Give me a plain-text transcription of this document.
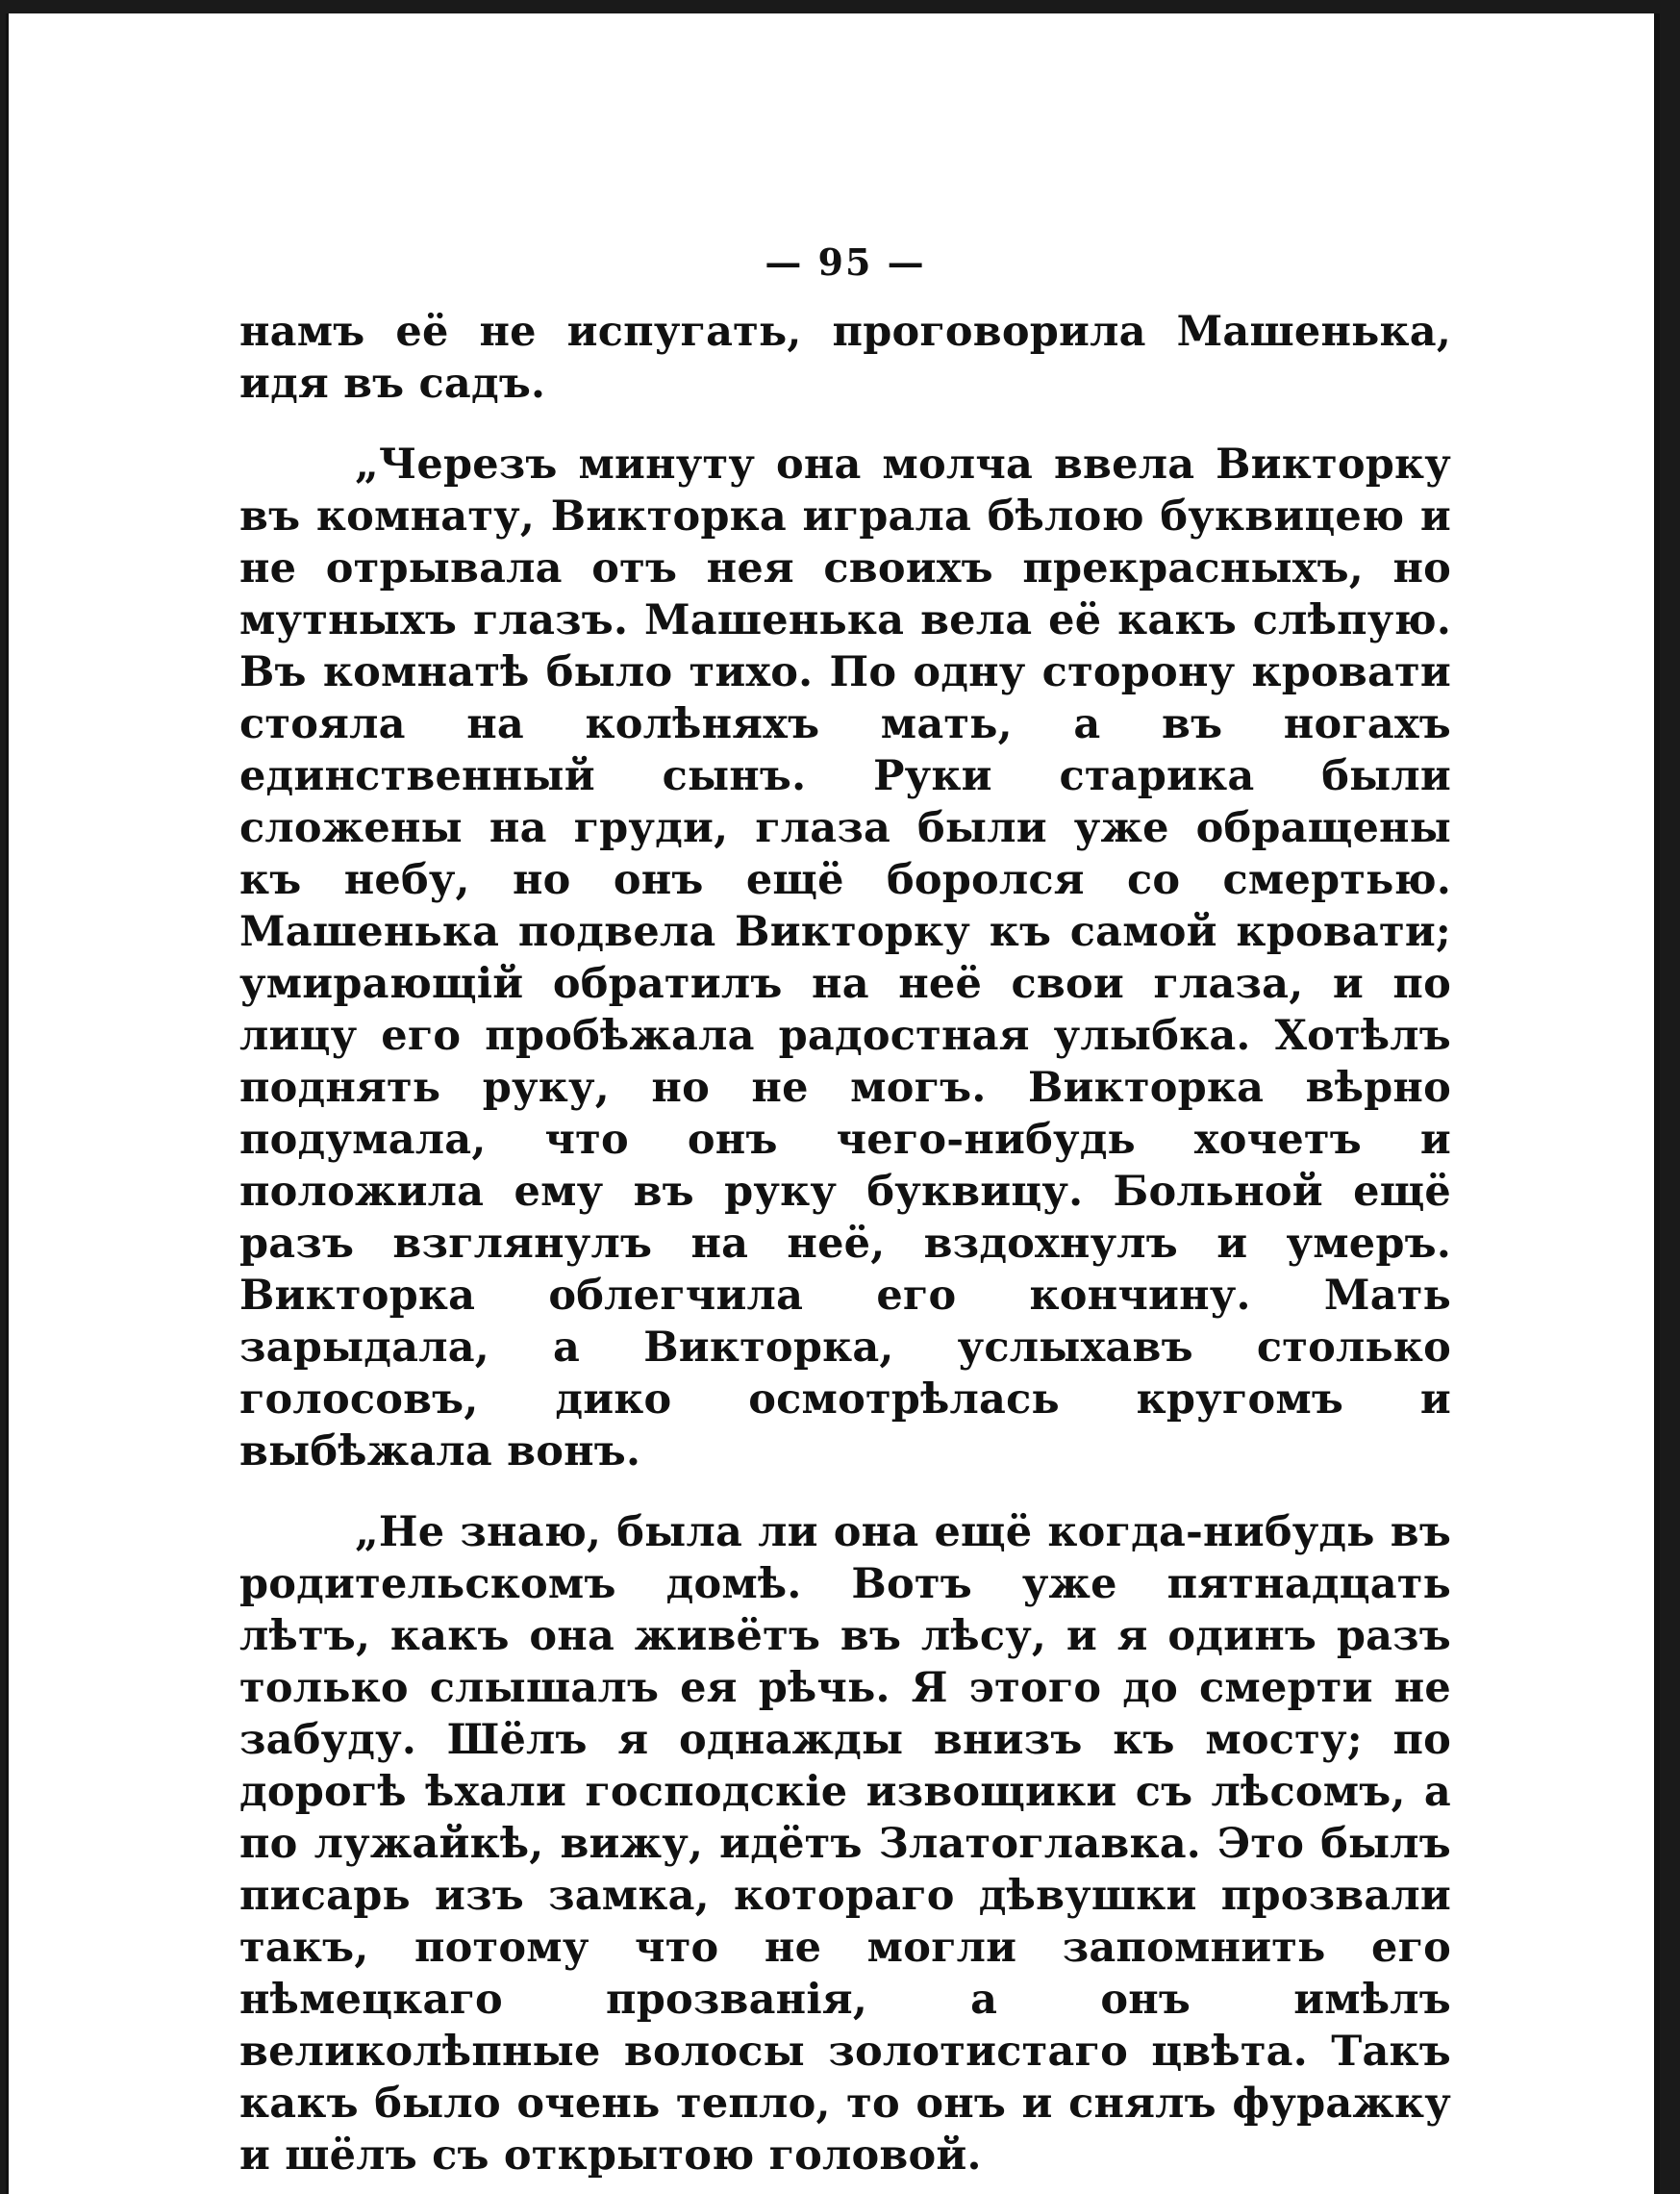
— 95 —

намъ её не испугать, проговорила Машенька, идя въ садъ.

„Черезъ минуту она молча ввела Викторку въ комнату, Викторка играла бѣлою буквицею и не отрывала отъ нея своихъ прекрасныхъ, но мутныхъ глазъ. Машенька вела её какъ слѣпую. Въ комнатѣ было тихо. По одну сторону кровати стояла на колѣняхъ мать, а въ ногахъ единственный сынъ. Руки старика были сложены на груди, глаза были уже обращены къ небу, но онъ ещё боролся со смертью. Машенька подвела Викторку къ самой кровати; умирающій обратилъ на неё свои глаза, и по лицу его пробѣжала радостная улыбка. Хотѣлъ поднять руку, но не могъ. Викторка вѣрно подумала, что онъ чего-нибудь хочетъ и положила ему въ руку буквицу. Больной ещё разъ взглянулъ на неё, вздохнулъ и умеръ. Викторка облегчила его кончину. Мать зарыдала, а Викторка, услыхавъ столько голосовъ, дико осмотрѣлась кругомъ и выбѣжала вонъ.

„Не знаю, была ли она ещё когда-нибудь въ родительскомъ домѣ. Вотъ уже пятнадцать лѣтъ, какъ она живётъ въ лѣсу, и я одинъ разъ только слышалъ ея рѣчь. Я этого до смерти не забуду. Шёлъ я однажды внизъ къ мосту; по дорогѣ ѣхали господскіе извощики съ лѣсомъ, а по лужайкѣ, вижу, идётъ Златоглавка. Это былъ писарь изъ замка, котораго дѣвушки прозвали такъ, потому что не могли запомнить его нѣмецкаго прозванія, а онъ имѣлъ великолѣпные волосы золотистаго цвѣта. Такъ какъ было очень тепло, то онъ и снялъ фуражку и шёлъ съ открытою головой.
